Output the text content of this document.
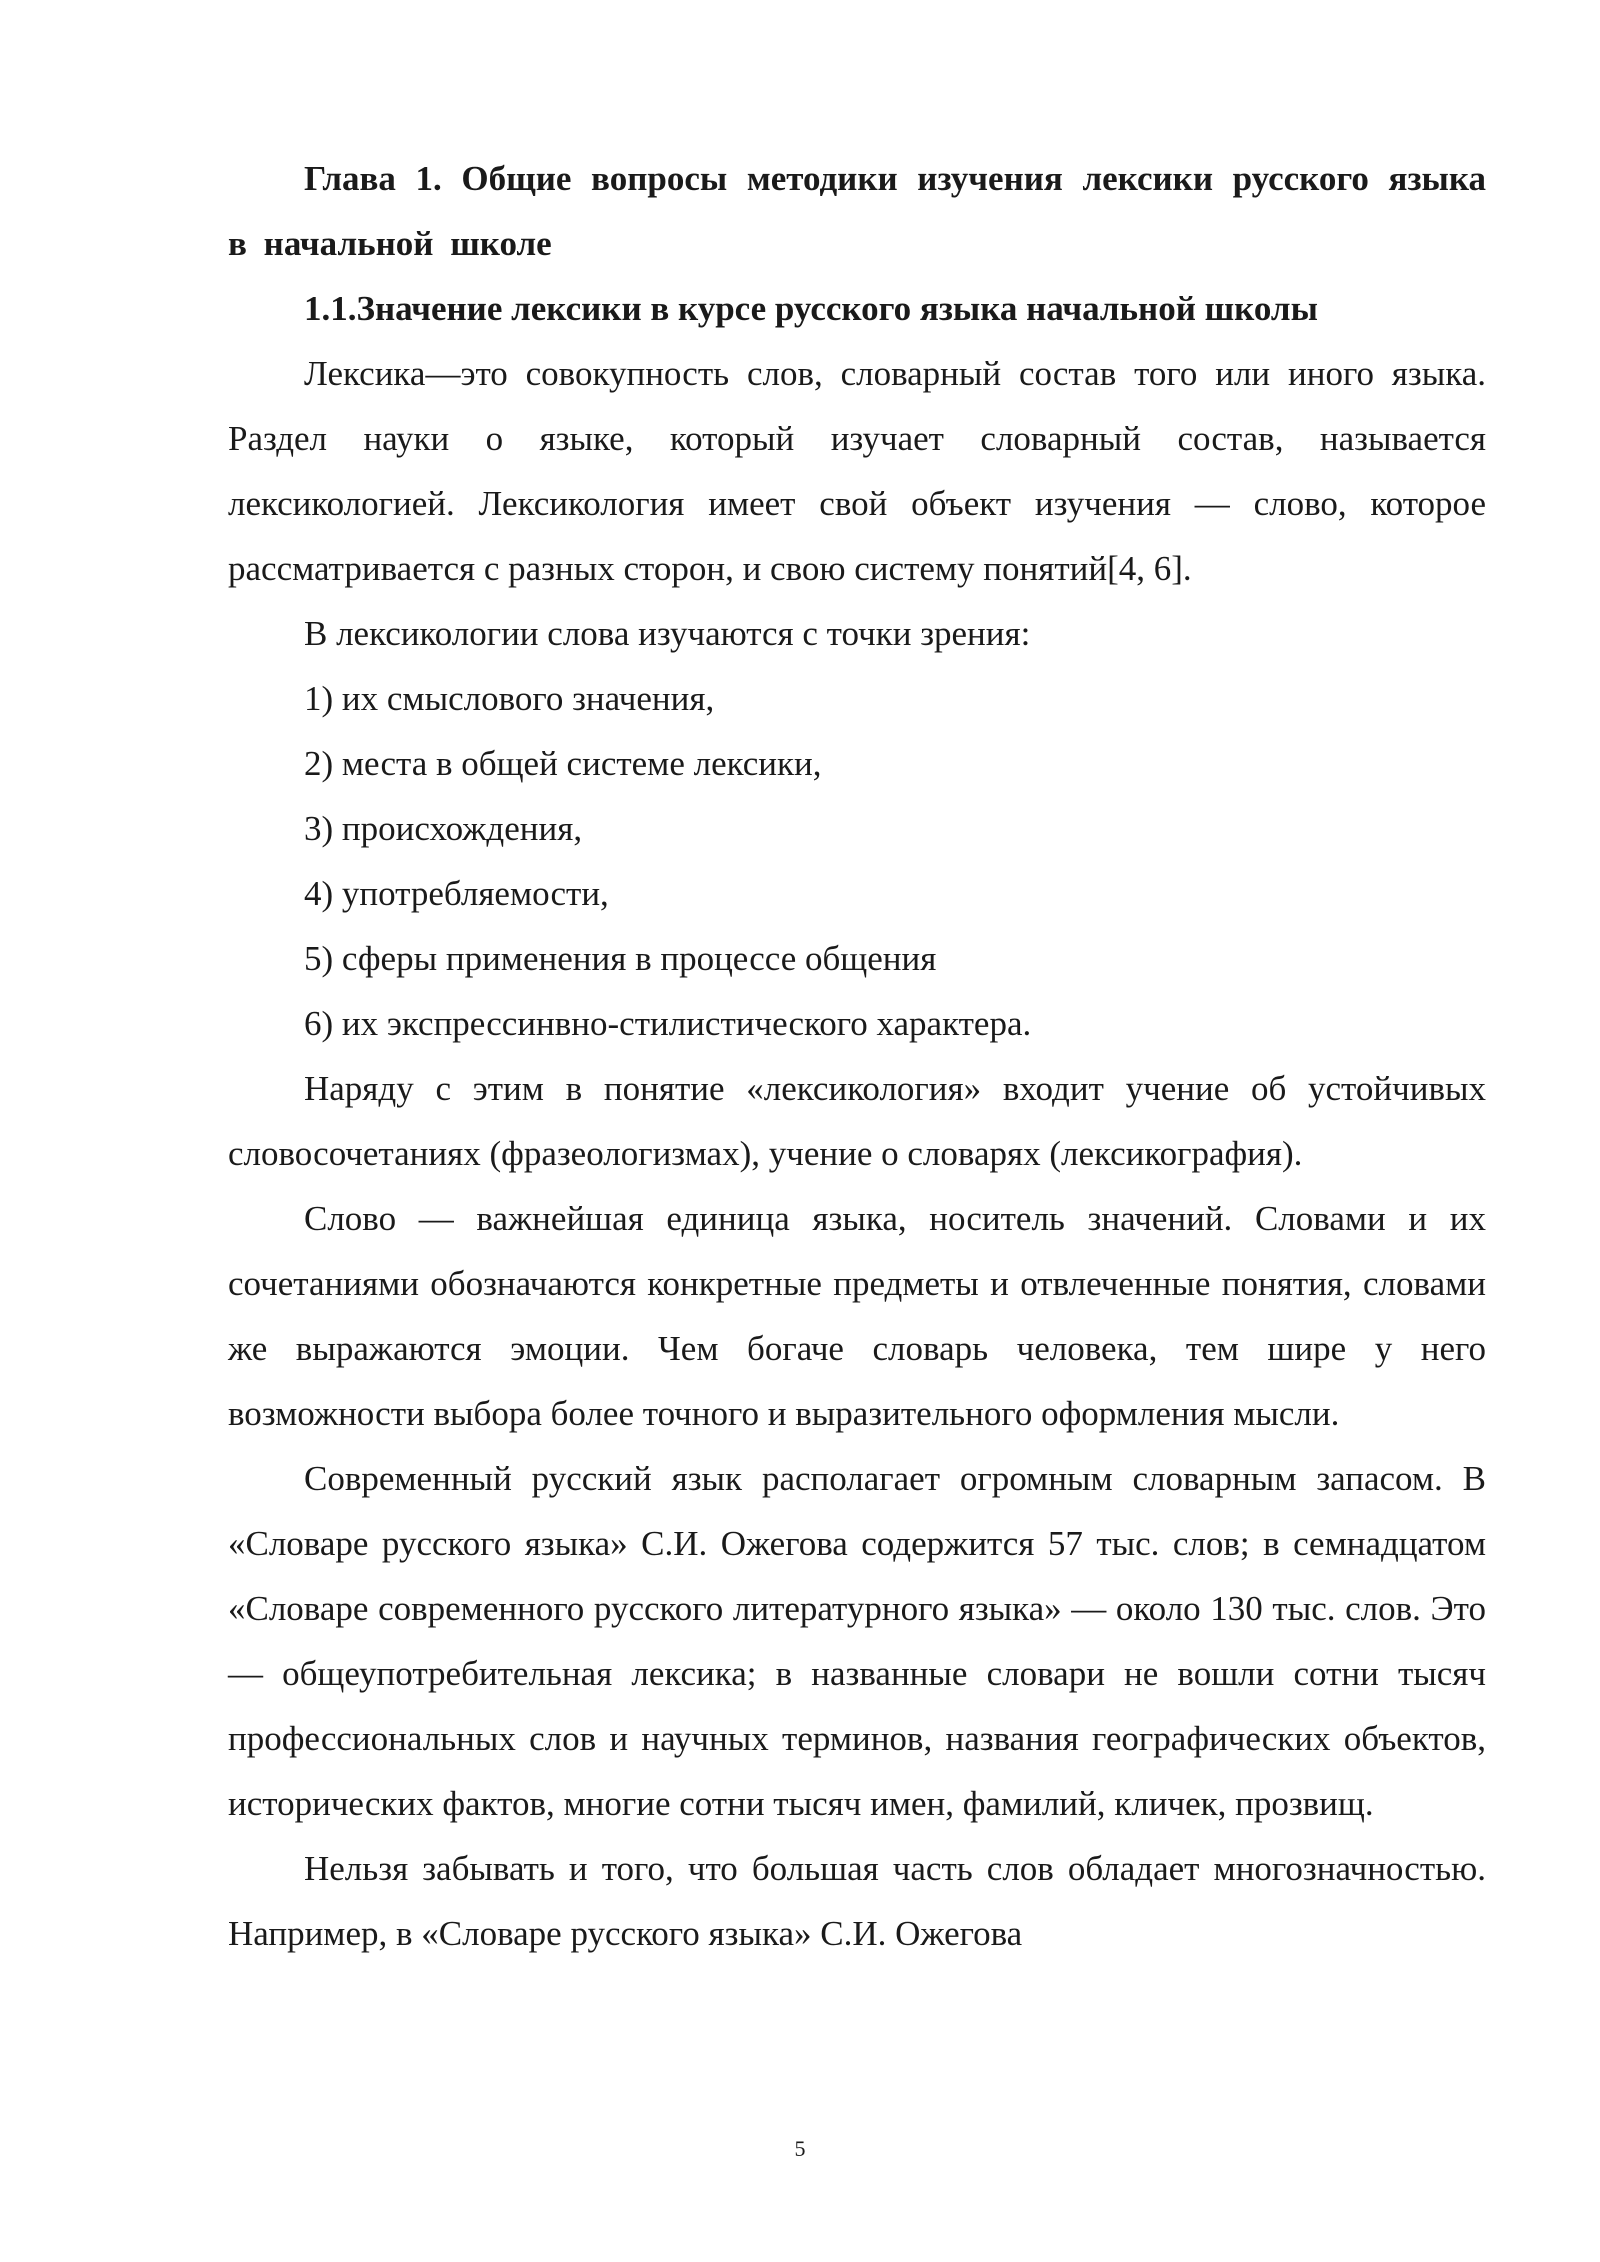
Глава 1. Общие вопросы методики изучения лексики русского языка в начальной школе

1.1.Значение лексики в курсе русского языка начальной школы

Лексика—это совокупность слов, словарный состав того или иного языка. Раздел науки о языке, который изучает словарный состав, называется лексикологией. Лексикология имеет свой объект изучения — слово, которое рассматривается с разных сторон, и свою систему понятий[4, 6].

В лексикологии слова изучаются с точки зрения:

1) их смыслового значения,

2) места в общей системе лексики,

3) происхождения,

4) употребляемости,

5) сферы применения в процессе общения

6) их экспрессинвно-стилистического характера.

Наряду с этим в понятие «лексикология» входит учение об устойчивых словосочетаниях (фразеологизмах), учение о словарях (лексикография).

Слово — важнейшая единица языка, носитель значений. Словами и их сочетаниями обозначаются конкретные предметы и отвлеченные понятия, словами же выражаются эмоции. Чем богаче словарь человека, тем шире у него возможности выбора более точного и выразительного оформления мысли.

Современный русский язык располагает огромным словарным запасом. В «Словаре русского языка» С.И. Ожегова содержится 57 тыс. слов; в семнадцатом «Словаре современного русского литературного языка» — около 130 тыс. слов. Это — общеупотребительная лексика; в названные словари не вошли сотни тысяч профессиональных слов и научных терминов, названия географических объектов, исторических фактов, многие сотни тысяч имен, фамилий, кличек, прозвищ.

Нельзя забывать и того, что большая часть слов обладает многозначностью. Например, в «Словаре русского языка» С.И. Ожегова

5
